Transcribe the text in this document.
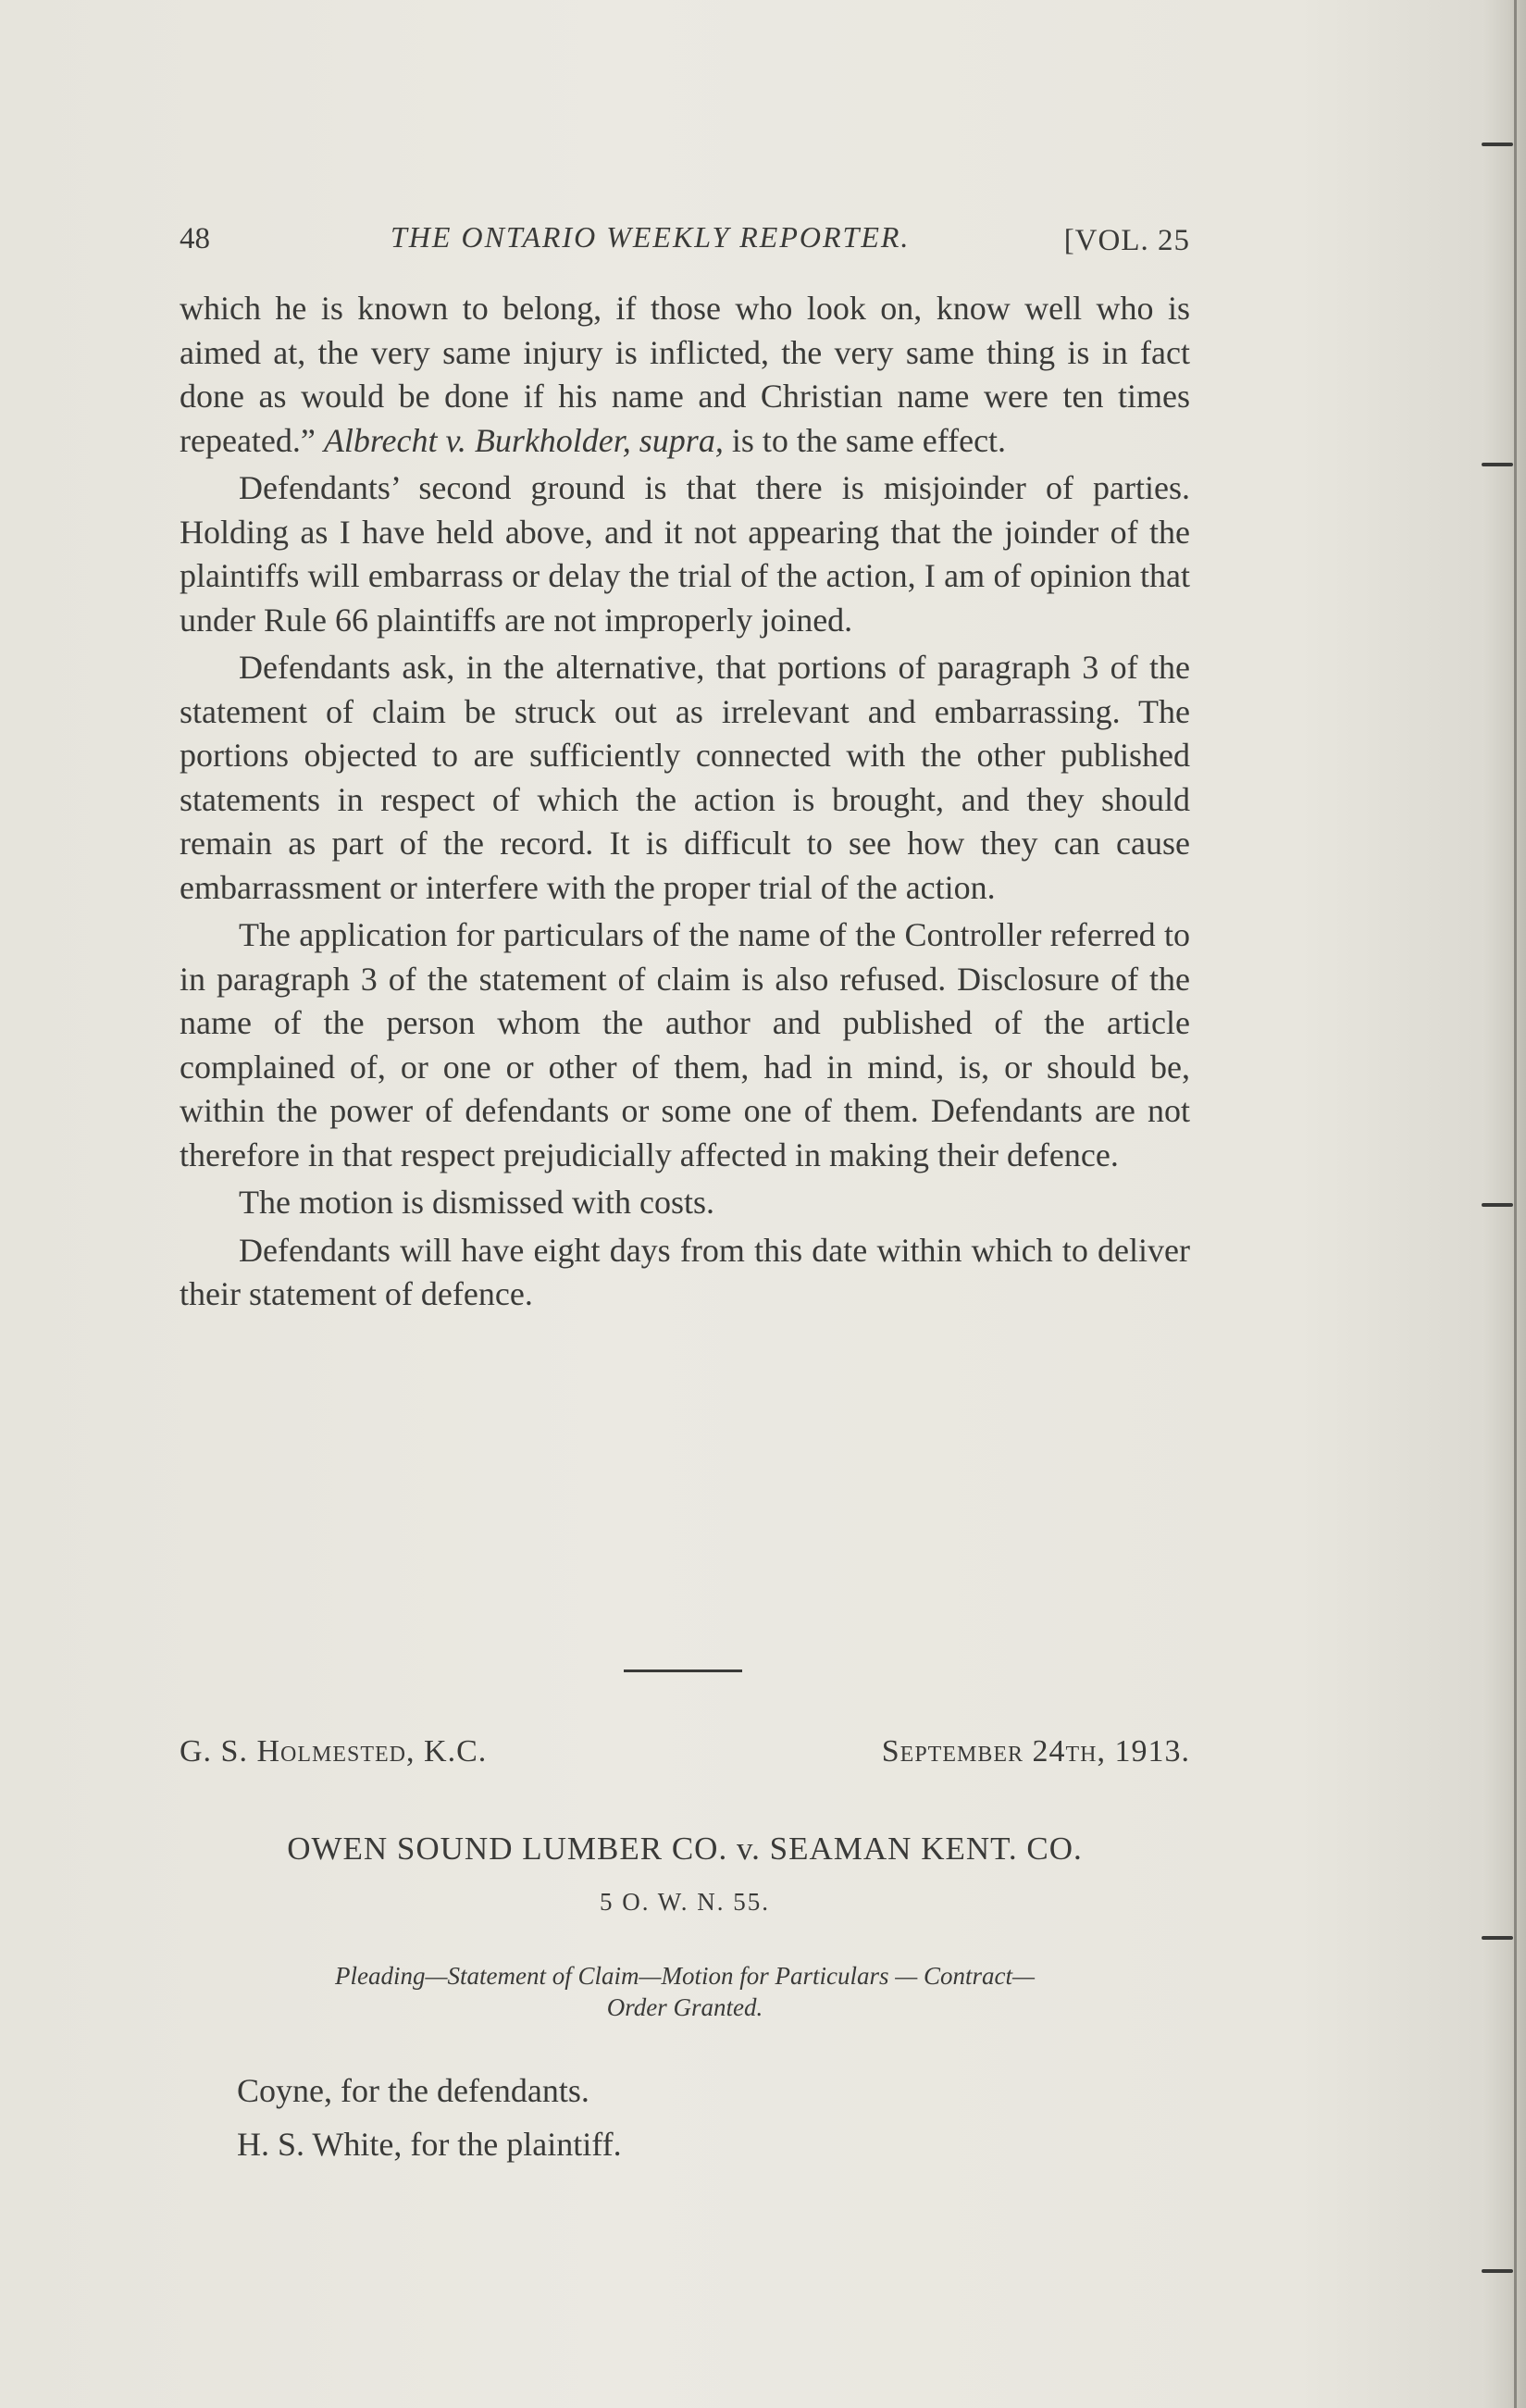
48	THE ONTARIO WEEKLY REPORTER.	[VOL. 25

which he is known to belong, if those who look on, know well who is aimed at, the very same injury is inflicted, the very same thing is in fact done as would be done if his name and Christian name were ten times repeated.” Albrecht v. Burkholder, supra, is to the same effect.

Defendants’ second ground is that there is misjoinder of parties. Holding as I have held above, and it not appearing that the joinder of the plaintiffs will embarrass or delay the trial of the action, I am of opinion that under Rule 66 plaintiffs are not improperly joined.

Defendants ask, in the alternative, that portions of paragraph 3 of the statement of claim be struck out as irrelevant and embarrassing. The portions objected to are sufficiently connected with the other published statements in respect of which the action is brought, and they should remain as part of the record. It is difficult to see how they can cause embarrassment or interfere with the proper trial of the action.

The application for particulars of the name of the Controller referred to in paragraph 3 of the statement of claim is also refused. Disclosure of the name of the person whom the author and published of the article complained of, or one or other of them, had in mind, is, or should be, within the power of defendants or some one of them. Defendants are not therefore in that respect prejudicially affected in making their defence.

The motion is dismissed with costs.

Defendants will have eight days from this date within which to deliver their statement of defence.

G. S. Holmested, K.C.	September 24th, 1913.
OWEN SOUND LUMBER CO. v. SEAMAN KENT. CO.
5 O. W. N. 55.
Pleading—Statement of Claim—Motion for Particulars — Contract—
Order Granted.
Coyne, for the defendants.
H. S. White, for the plaintiff.
